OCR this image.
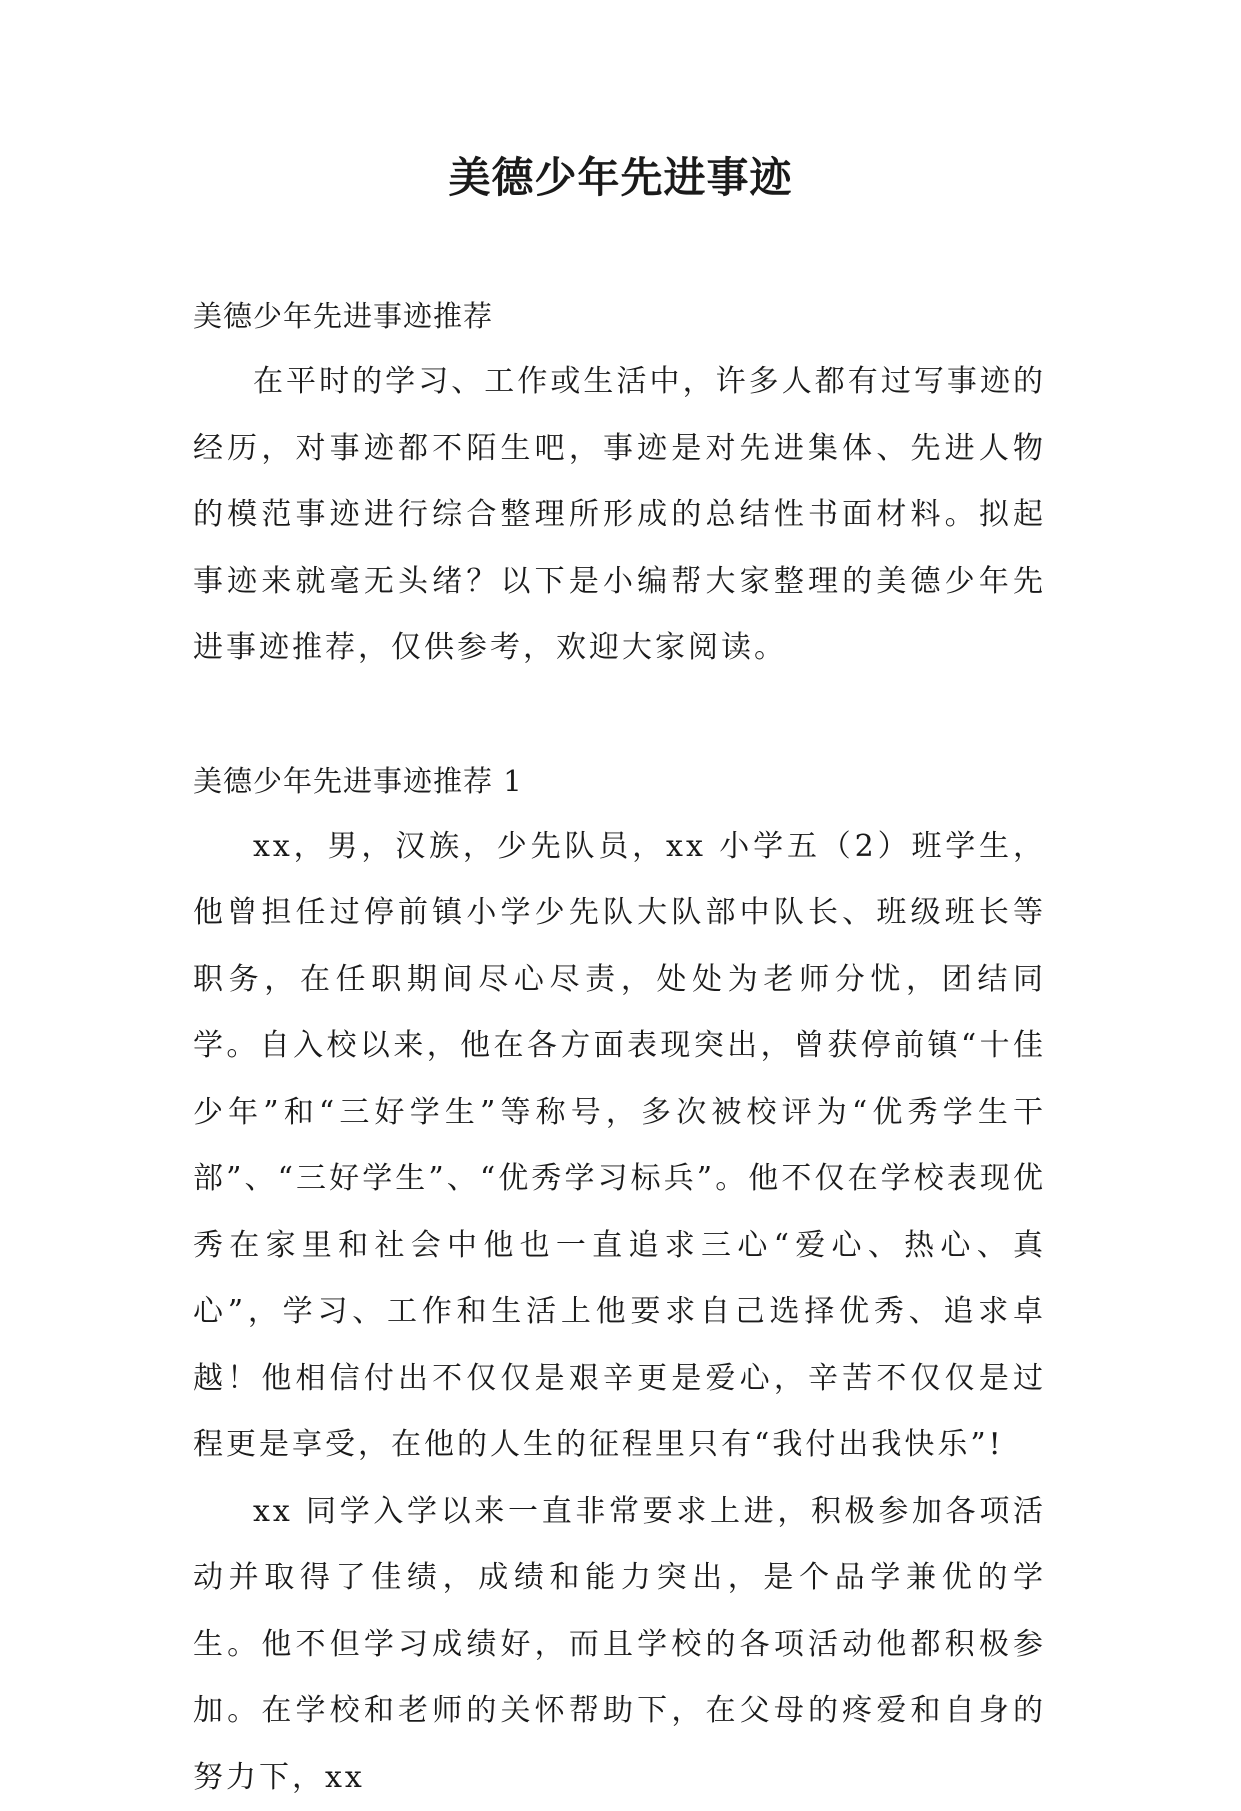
美德少年先进事迹
美德少年先进事迹推荐

在平时的学习、工作或生活中，许多人都有过写事迹的经历，对事迹都不陌生吧，事迹是对先进集体、先进人物的模范事迹进行综合整理所形成的总结性书面材料。拟起事迹来就毫无头绪？以下是小编帮大家整理的美德少年先进事迹推荐，仅供参考，欢迎大家阅读。

美德少年先进事迹推荐 1

xx，男，汉族，少先队员，xx 小学五（2）班学生，他曾担任过停前镇小学少先队大队部中队长、班级班长等职务，在任职期间尽心尽责，处处为老师分忧，团结同学。自入校以来，他在各方面表现突出，曾获停前镇“十佳少年”和“三好学生”等称号，多次被校评为“优秀学生干部”、“三好学生”、“优秀学习标兵”。他不仅在学校表现优秀在家里和社会中他也一直追求三心“爱心、热心、真心”，学习、工作和生活上他要求自己选择优秀、追求卓越！他相信付出不仅仅是艰辛更是爱心，辛苦不仅仅是过程更是享受，在他的人生的征程里只有“我付出我快乐”!

xx 同学入学以来一直非常要求上进，积极参加各项活动并取得了佳绩，成绩和能力突出，是个品学兼优的学生。他不但学习成绩好，而且学校的各项活动他都积极参加。在学校和老师的关怀帮助下，在父母的疼爱和自身的努力下，xx
